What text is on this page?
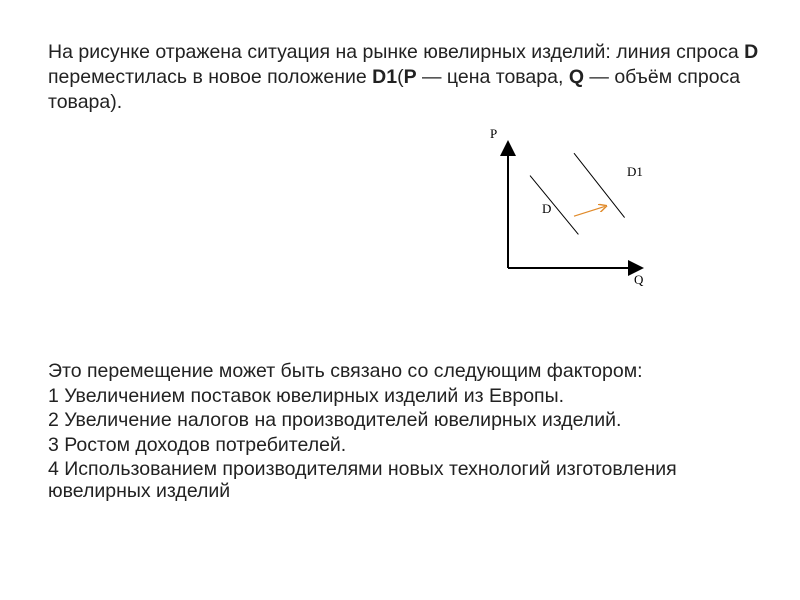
На рисунке отражена ситуация на рынке ювелирных изделий: линия спроса D переместилась в новое положение D1(P — цена товара, Q — объём спроса товара).

P
Q
D
D1

Это перемещение может быть связано со следующим фактором:

1 Увеличением поставок ювелирных изделий из Европы.

2 Увеличение налогов на производителей ювелирных изделий.

3 Ростом доходов потребителей.

4 Использованием производителями новых технологий изготовления ювелирных изделий
